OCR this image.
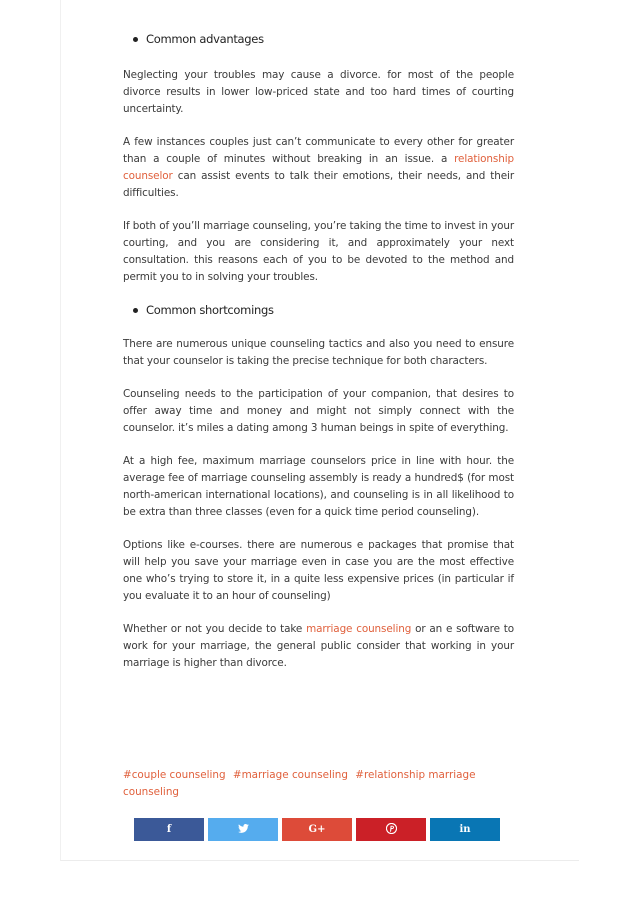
Common advantages

Neglecting your troubles may cause a divorce. for most of the people divorce results in lower low-priced state and too hard times of courting uncertainty.

A few instances couples just can’t communicate to every other for greater than a couple of minutes without breaking in an issue. a relationship counselor can assist events to talk their emotions, their needs, and their difficulties.

If both of you’ll marriage counseling, you’re taking the time to invest in your courting, and you are considering it, and approximately your next consultation. this reasons each of you to be devoted to the method and permit you to in solving your troubles.

Common shortcomings

There are numerous unique counseling tactics and also you need to ensure that your counselor is taking the precise technique for both characters.

Counseling needs to the participation of your companion, that desires to offer away time and money and might not simply connect with the counselor. it’s miles a dating among 3 human beings in spite of everything.

At a high fee, maximum marriage counselors price in line with hour. the average fee of marriage counseling assembly is ready a hundred$ (for most north-american international locations), and counseling is in all likelihood to be extra than three classes (even for a quick time period counseling).

Options like e-courses. there are numerous e packages that promise that will help you save your marriage even in case you are the most effective one who’s trying to store it, in a quite less expensive prices (in particular if you evaluate it to an hour of counseling)

Whether or not you decide to take marriage counseling or an e software to work for your marriage, the general public consider that working in your marriage is higher than divorce.

#couple counseling #marriage counseling #relationship marriage counseling
f	G+	in
